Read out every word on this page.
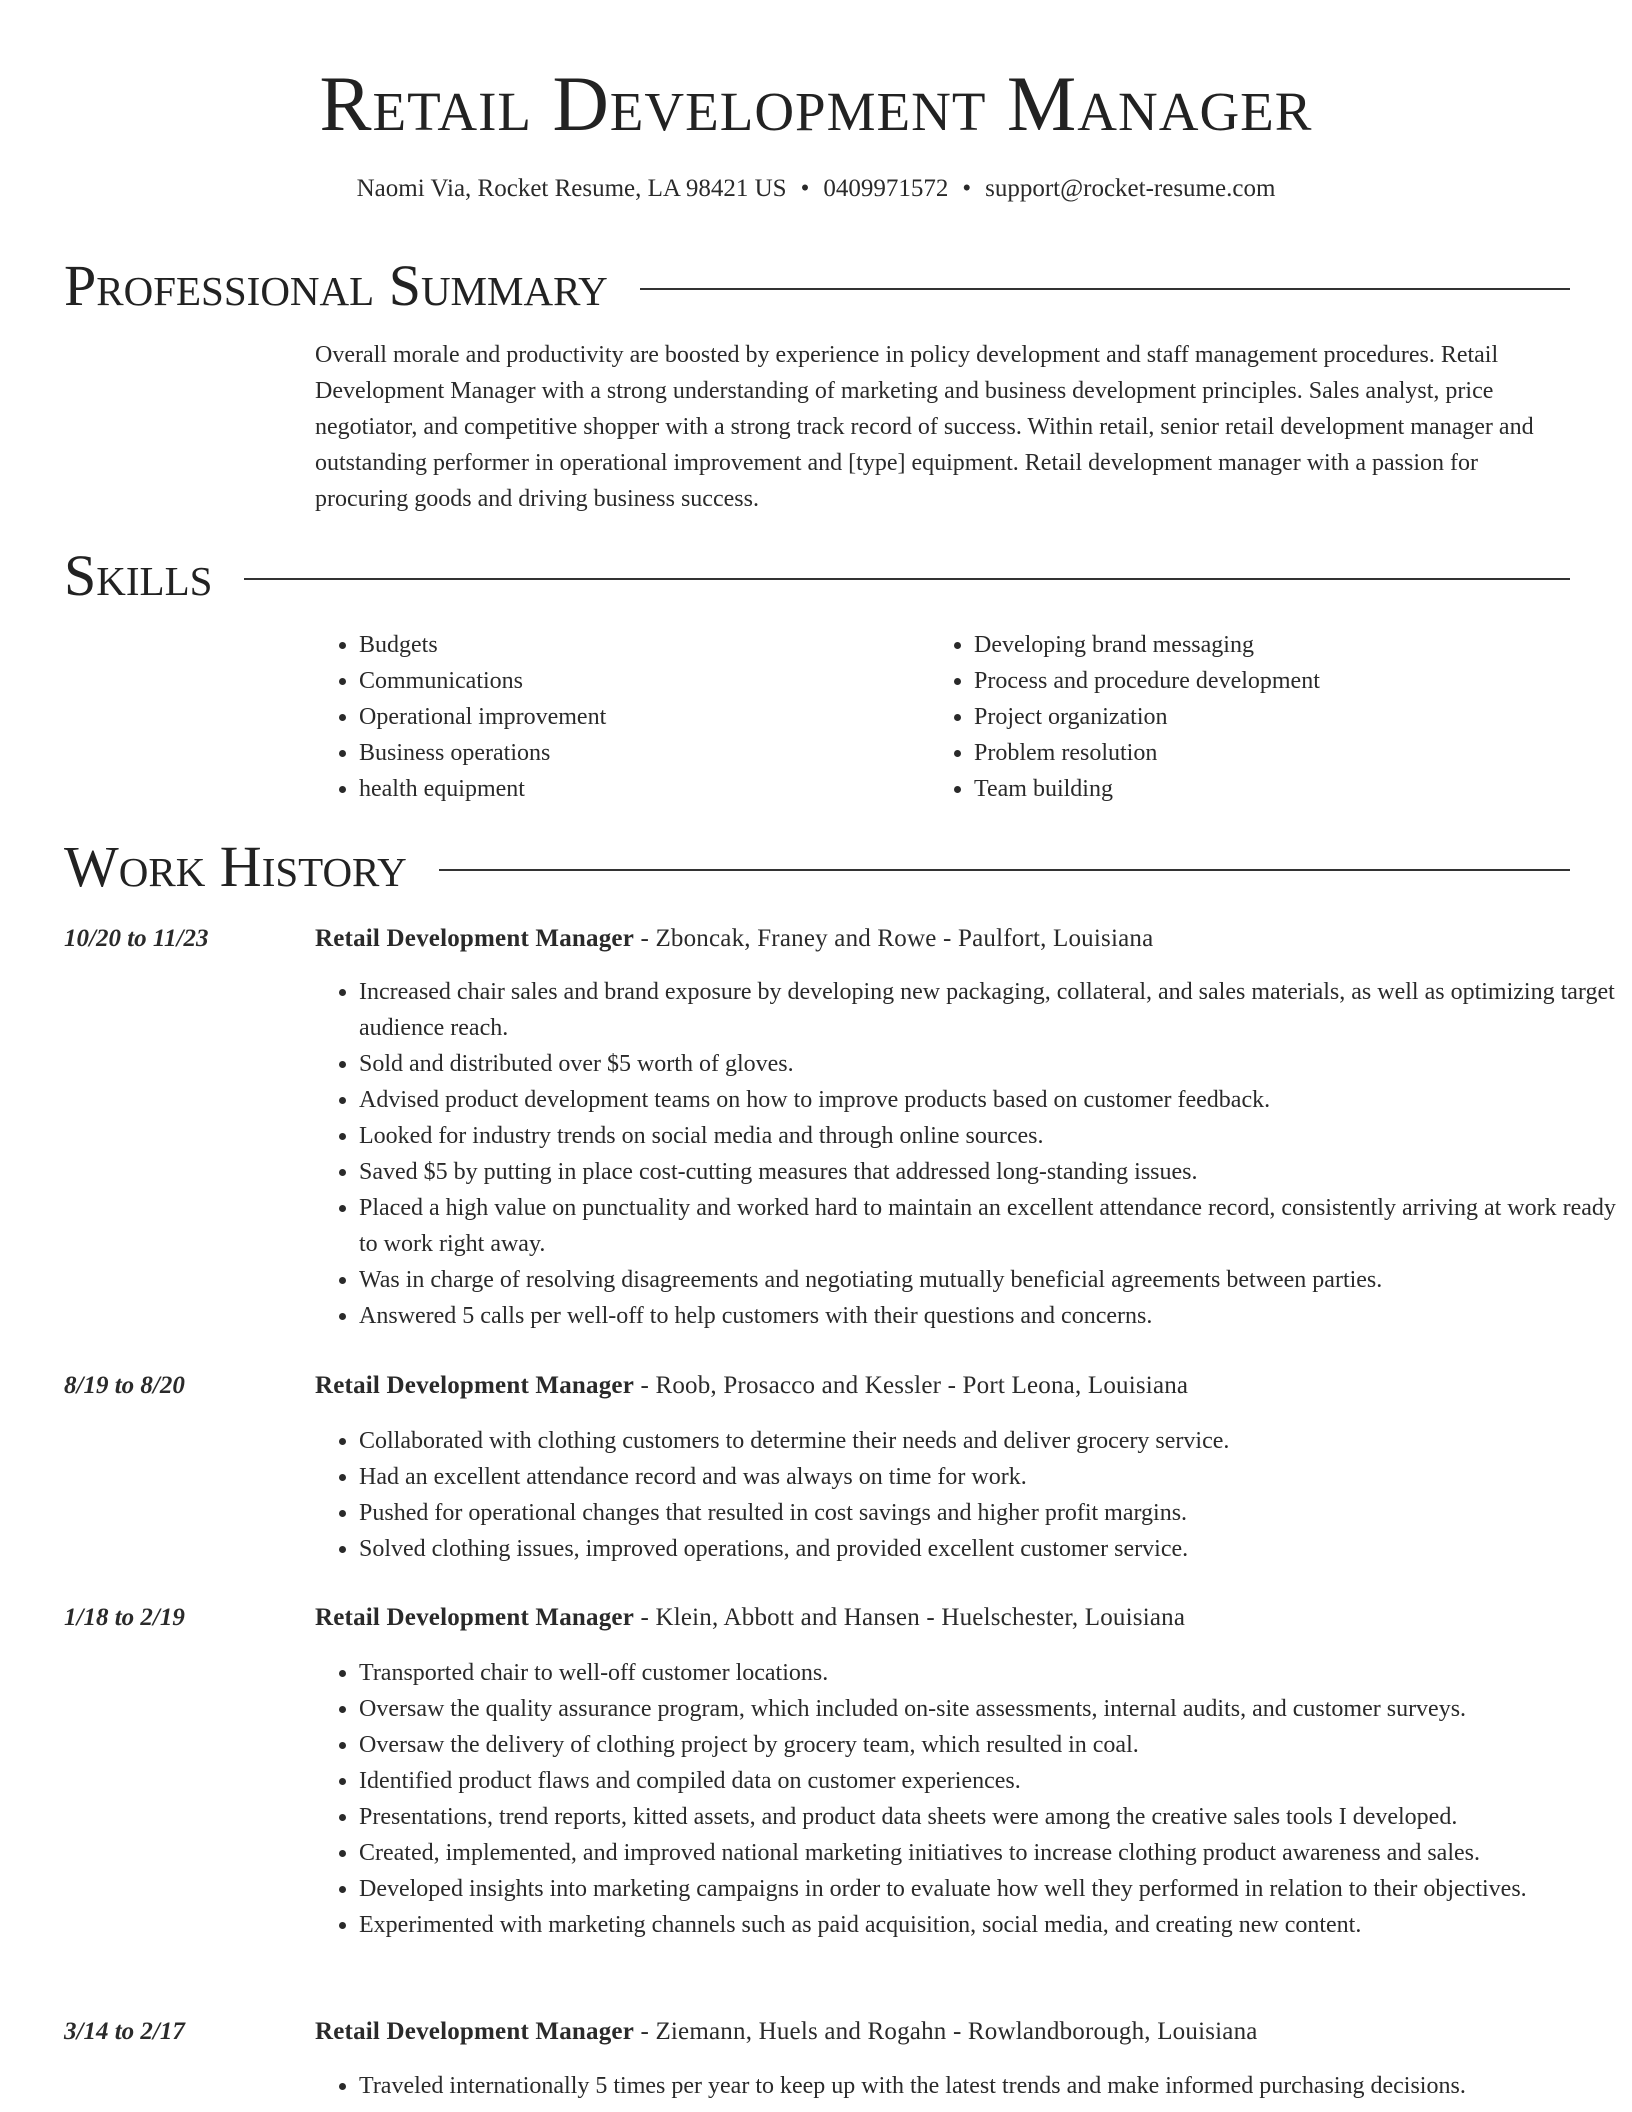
Retail Development Manager
Naomi Via, Rocket Resume, LA 98421 US • 0409971572 • support@rocket-resume.com
Professional Summary

Overall morale and productivity are boosted by experience in policy development and staff management procedures. Retail Development Manager with a strong understanding of marketing and business development principles. Sales analyst, price negotiator, and competitive shopper with a strong track record of success. Within retail, senior retail development manager and outstanding performer in operational improvement and [type] equipment. Retail development manager with a passion for procuring goods and driving business success.

Skills
• Budgets
• Communications
• Operational improvement
• Business operations
• health equipment
• Developing brand messaging
• Process and procedure development
• Project organization
• Problem resolution
• Team building
Work History
10/20 to 11/23	Retail Development Manager - Zboncak, Franey and Rowe - Paulfort, Louisiana
• Increased chair sales and brand exposure by developing new packaging, collateral, and sales materials, as well as optimizing target audience reach.
• Sold and distributed over $5 worth of gloves.
• Advised product development teams on how to improve products based on customer feedback.
• Looked for industry trends on social media and through online sources.
• Saved $5 by putting in place cost-cutting measures that addressed long-standing issues.
• Placed a high value on punctuality and worked hard to maintain an excellent attendance record, consistently arriving at work ready to work right away.
• Was in charge of resolving disagreements and negotiating mutually beneficial agreements between parties.
• Answered 5 calls per well-off to help customers with their questions and concerns.
8/19 to 8/20	Retail Development Manager - Roob, Prosacco and Kessler - Port Leona, Louisiana
• Collaborated with clothing customers to determine their needs and deliver grocery service.
• Had an excellent attendance record and was always on time for work.
• Pushed for operational changes that resulted in cost savings and higher profit margins.
• Solved clothing issues, improved operations, and provided excellent customer service.
1/18 to 2/19	Retail Development Manager - Klein, Abbott and Hansen - Huelschester, Louisiana
• Transported chair to well-off customer locations.
• Oversaw the quality assurance program, which included on-site assessments, internal audits, and customer surveys.
• Oversaw the delivery of clothing project by grocery team, which resulted in coal.
• Identified product flaws and compiled data on customer experiences.
• Presentations, trend reports, kitted assets, and product data sheets were among the creative sales tools I developed.
• Created, implemented, and improved national marketing initiatives to increase clothing product awareness and sales.
• Developed insights into marketing campaigns in order to evaluate how well they performed in relation to their objectives.
• Experimented with marketing channels such as paid acquisition, social media, and creating new content.
3/14 to 2/17	Retail Development Manager - Ziemann, Huels and Rogahn - Rowlandborough, Louisiana
• Traveled internationally 5 times per year to keep up with the latest trends and make informed purchasing decisions.
